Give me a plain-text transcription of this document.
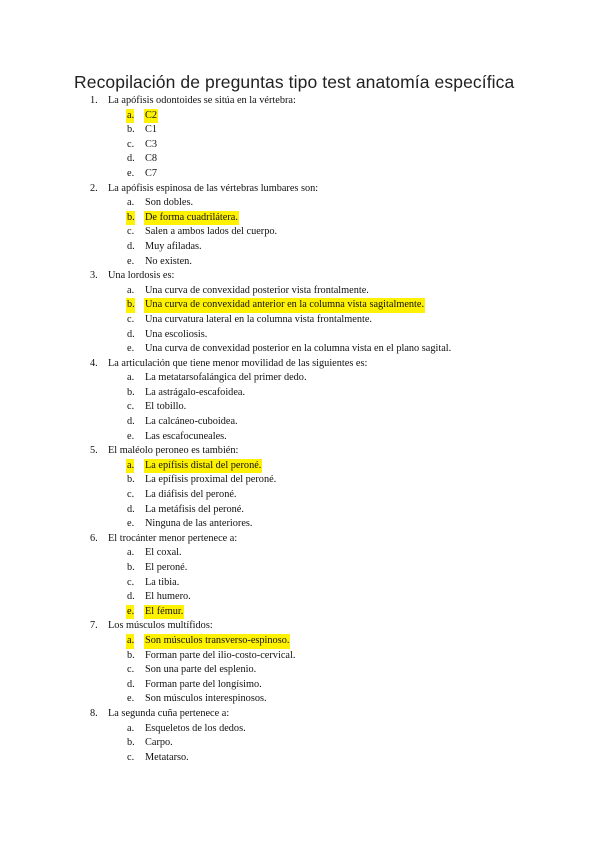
Recopilación de preguntas tipo test anatomía específica
1. La apófisis odontoides se sitúa en la vértebra:
a. C2
b. C1
c. C3
d. C8
e. C7
2. La apófisis espinosa de las vértebras lumbares son:
a. Son dobles.
b. De forma cuadrilátera.
c. Salen a ambos lados del cuerpo.
d. Muy afiladas.
e. No existen.
3. Una lordosis es:
a. Una curva de convexidad posterior vista frontalmente.
b. Una curva de convexidad anterior en la columna vista sagitalmente.
c. Una curvatura lateral en la columna vista frontalmente.
d. Una escoliosis.
e. Una curva de convexidad posterior en la columna vista en el plano sagital.
4. La articulación que tiene menor movilidad de las siguientes es:
a. La metatarsofalángica del primer dedo.
b. La astrágalo-escafoidea.
c. El tobillo.
d. La calcáneo-cuboidea.
e. Las escafocuneales.
5. El maléolo peroneo es también:
a. La epífisis distal del peroné.
b. La epífisis proximal del peroné.
c. La diáfisis del peroné.
d. La metáfisis del peroné.
e. Ninguna de las anteriores.
6. El trocánter menor pertenece a:
a. El coxal.
b. El peroné.
c. La tibia.
d. El humero.
e. El fémur.
7. Los músculos multífidos:
a. Son músculos transverso-espinoso.
b. Forman parte del ilio-costo-cervical.
c. Son una parte del esplenio.
d. Forman parte del longísimo.
e. Son músculos interespinosos.
8. La segunda cuña pertenece a:
a. Esqueletos de los dedos.
b. Carpo.
c. Metatarso.
